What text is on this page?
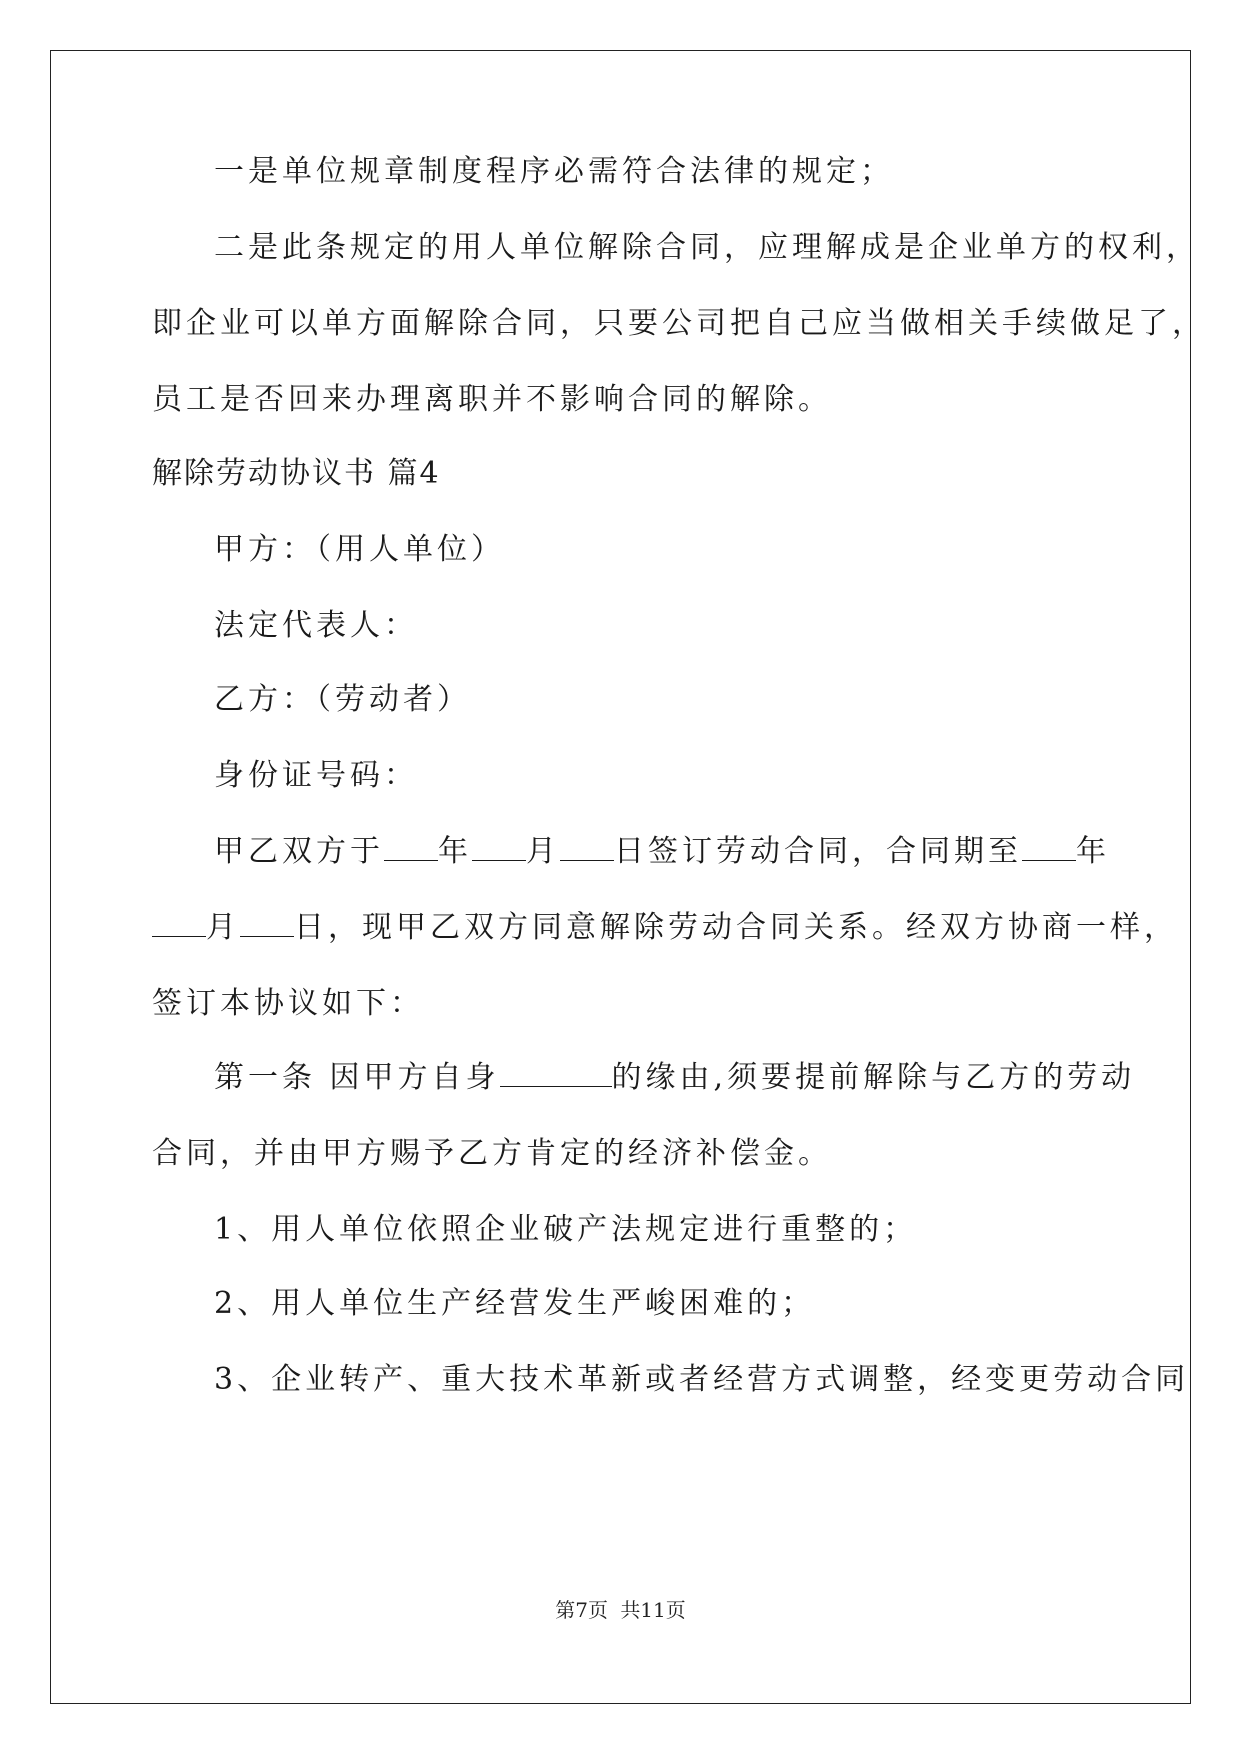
一是单位规章制度程序必需符合法律的规定；
二是此条规定的用人单位解除合同，应理解成是企业单方的权利，
即企业可以单方面解除合同，只要公司把自己应当做相关手续做足了，
员工是否回来办理离职并不影响合同的解除。
解除劳动协议书 篇4
甲方：（用人单位）
法定代表人：
乙方：（劳动者）
身份证号码：
甲乙双方于 年 月 日签订劳动合同，合同期至 年
月 日，现甲乙双方同意解除劳动合同关系。经双方协商一样，
签订本协议如下：
第一条 因甲方自身	的缘由,须要提前解除与乙方的劳动
合同，并由甲方赐予乙方肯定的经济补偿金。
1、用人单位依照企业破产法规定进行重整的；
2、用人单位生产经营发生严峻困难的；
3、企业转产、重大技术革新或者经营方式调整，经变更劳动合同
第7页 共11页
